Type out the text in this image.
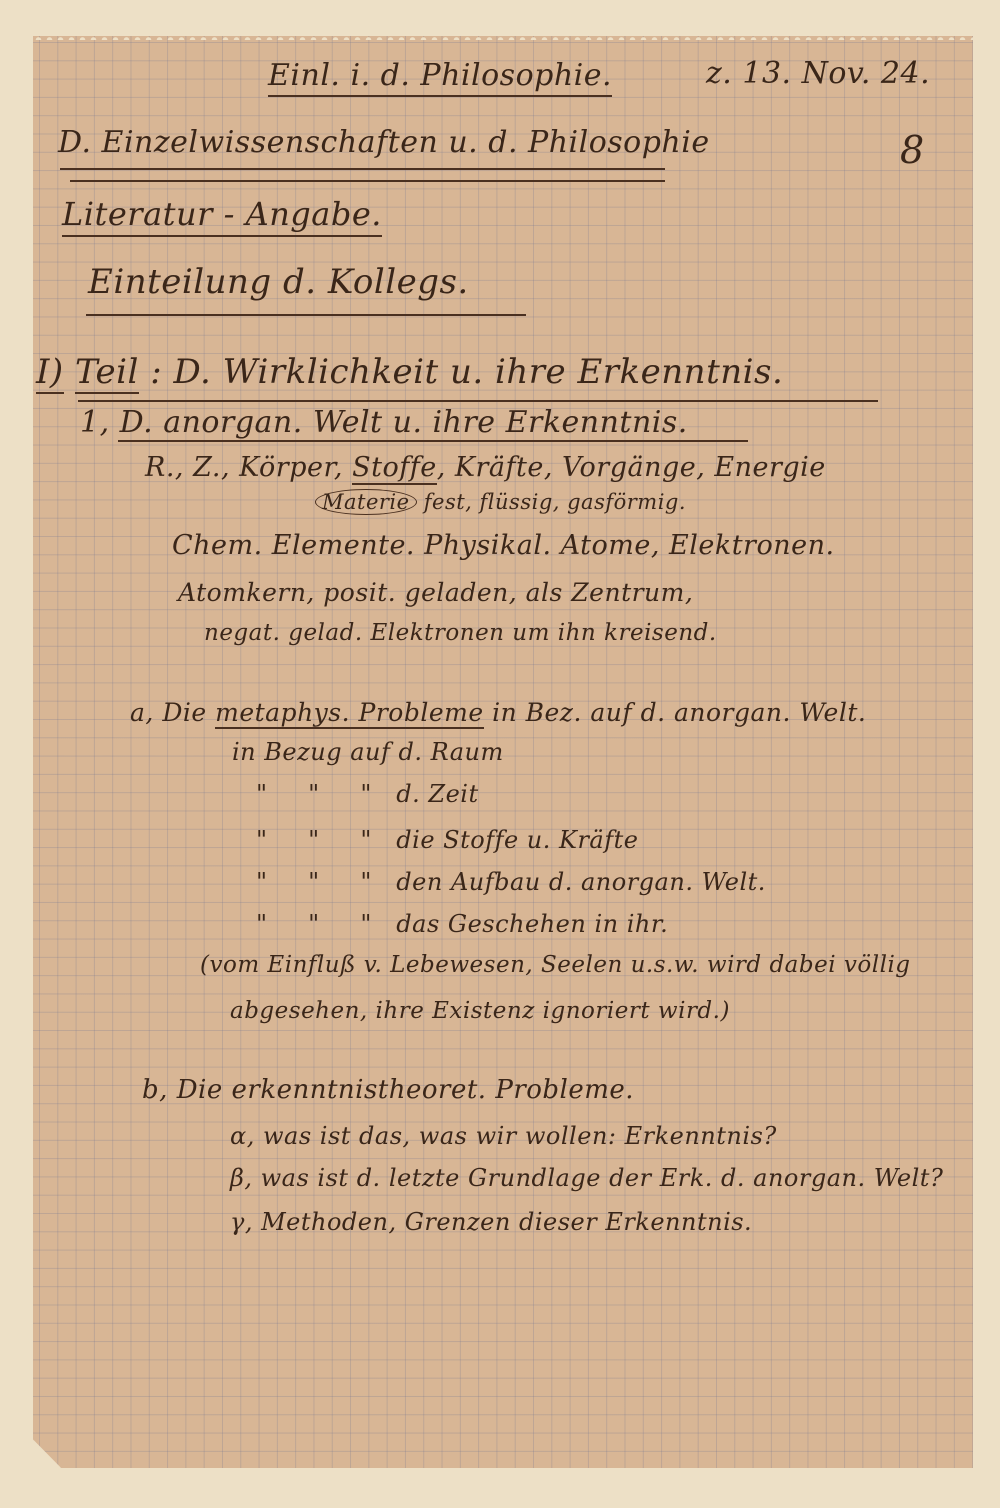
Einl. i. d. Philosophie.	z. 13. Nov. 24.

8

D. Einzelwissenschaften u. d. Philosophie

Literatur - Angabe.

Einteilung d. Kollegs.

I) Teil : D. Wirklichkeit u. ihre Erkenntnis.

1, D. anorgan. Welt u. ihre Erkenntnis.

R., Z., Körper, Stoffe, Kräfte, Vorgänge, Energie

Materie fest, flüssig, gasförmig.

Chem. Elemente. Physikal. Atome, Elektronen.

Atomkern, posit. geladen, als Zentrum,

negat. gelad. Elektronen um ihn kreisend.

a, Die metaphys. Probleme in Bez. auf d. anorgan. Welt.

in Bezug auf d. Raum

"     "     "   d. Zeit

"     "     "   die Stoffe u. Kräfte

"     "     "   den Aufbau d. anorgan. Welt.

"     "     "   das Geschehen in ihr.

(vom Einfluß v. Lebewesen, Seelen u.s.w. wird dabei völlig

abgesehen, ihre Existenz ignoriert wird.)

b, Die erkenntnistheoret. Probleme.

α, was ist das, was wir wollen: Erkenntnis?

β, was ist d. letzte Grundlage der Erk. d. anorgan. Welt?

γ, Methoden, Grenzen dieser Erkenntnis.
